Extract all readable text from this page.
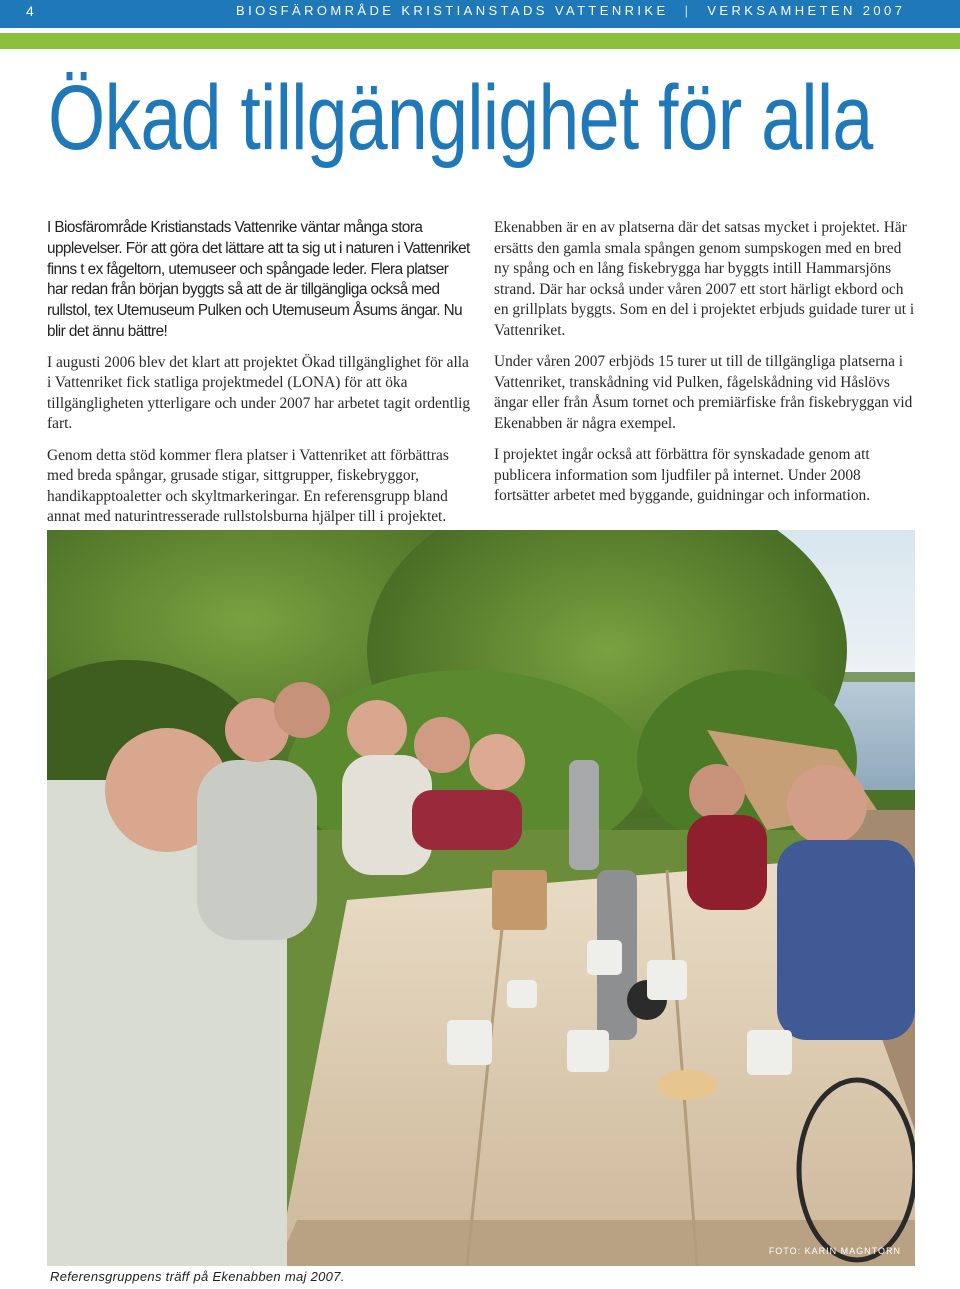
4	BIOSFÄROMRÅDE KRISTIANSTADS VATTENRIKE | VERKSAMHETEN 2007
Ökad tillgänglighet för alla

I Biosfärområde Kristianstads Vattenrike väntar många stora upplevelser. För att göra det lättare att ta sig ut i naturen i Vattenriket finns t ex fågeltorn, utemuseer och spångade leder. Flera platser har redan från början byggts så att de är tillgängliga också med rullstol, tex Utemuseum Pulken och Utemuseum Åsums ängar. Nu blir det ännu bättre!

I augusti 2006 blev det klart att projektet Ökad tillgänglighet för alla i Vattenriket fick statliga projektmedel (LONA) för att öka tillgängligheten ytterligare och under 2007 har arbetet tagit ordentlig fart.

Genom detta stöd kommer flera platser i Vattenriket att förbättras med breda spångar, grusade stigar, sittgrupper, fiskebryggor, handikapptoaletter och skyltmarkeringar. En referensgrupp bland annat med naturintresserade rullstolsburna hjälper till i projektet.

Ekenabben är en av platserna där det satsas mycket i projektet. Här ersätts den gamla smala spången genom sumpskogen med en bred ny spång och en lång fiskebrygga har byggts intill Hammarsjöns strand. Där har också under våren 2007 ett stort härligt ekbord och en grillplats byggts. Som en del i projektet erbjuds guidade turer ut i Vattenriket.

Under våren 2007 erbjöds 15 turer ut till de tillgängliga platserna i Vattenriket, transkådning vid Pulken, fågelskådning vid Håslövs ängar eller från Åsum tornet och premiärfiske från fiskebryggan vid Ekenabben är några exempel.

I projektet ingår också att förbättra för synskadade genom att publicera information som ljudfiler på internet. Under 2008 fortsätter arbetet med byggande, guidningar och information.

FOTO: KARIN MAGNTORN
Referensgruppens träff på Ekenabben maj 2007.
